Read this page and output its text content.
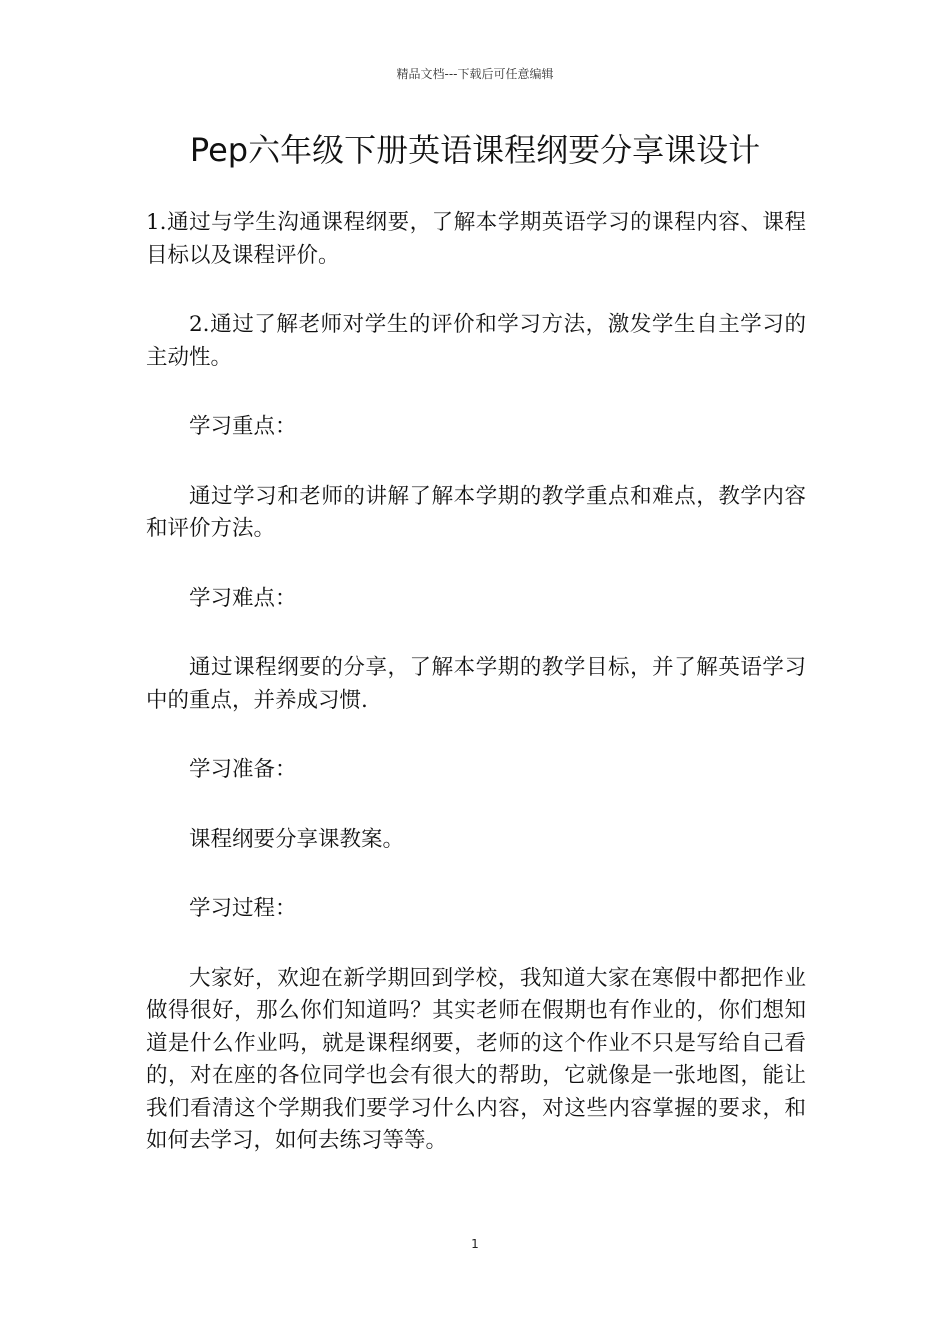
精品文档---下载后可任意编辑
Pep六年级下册英语课程纲要分享课设计

1.通过与学生沟通课程纲要，了解本学期英语学习的课程内容、课程目标以及课程评价。

2.通过了解老师对学生的评价和学习方法，激发学生自主学习的主动性。

学习重点：

通过学习和老师的讲解了解本学期的教学重点和难点，教学内容和评价方法。

学习难点：

通过课程纲要的分享，了解本学期的教学目标，并了解英语学习中的重点，并养成习惯.

学习准备：

课程纲要分享课教案。

学习过程：

大家好，欢迎在新学期回到学校，我知道大家在寒假中都把作业做得很好，那么你们知道吗？其实老师在假期也有作业的，你们想知道是什么作业吗，就是课程纲要，老师的这个作业不只是写给自己看的，对在座的各位同学也会有很大的帮助，它就像是一张地图，能让我们看清这个学期我们要学习什么内容，对这些内容掌握的要求，和如何去学习，如何去练习等等。

1
